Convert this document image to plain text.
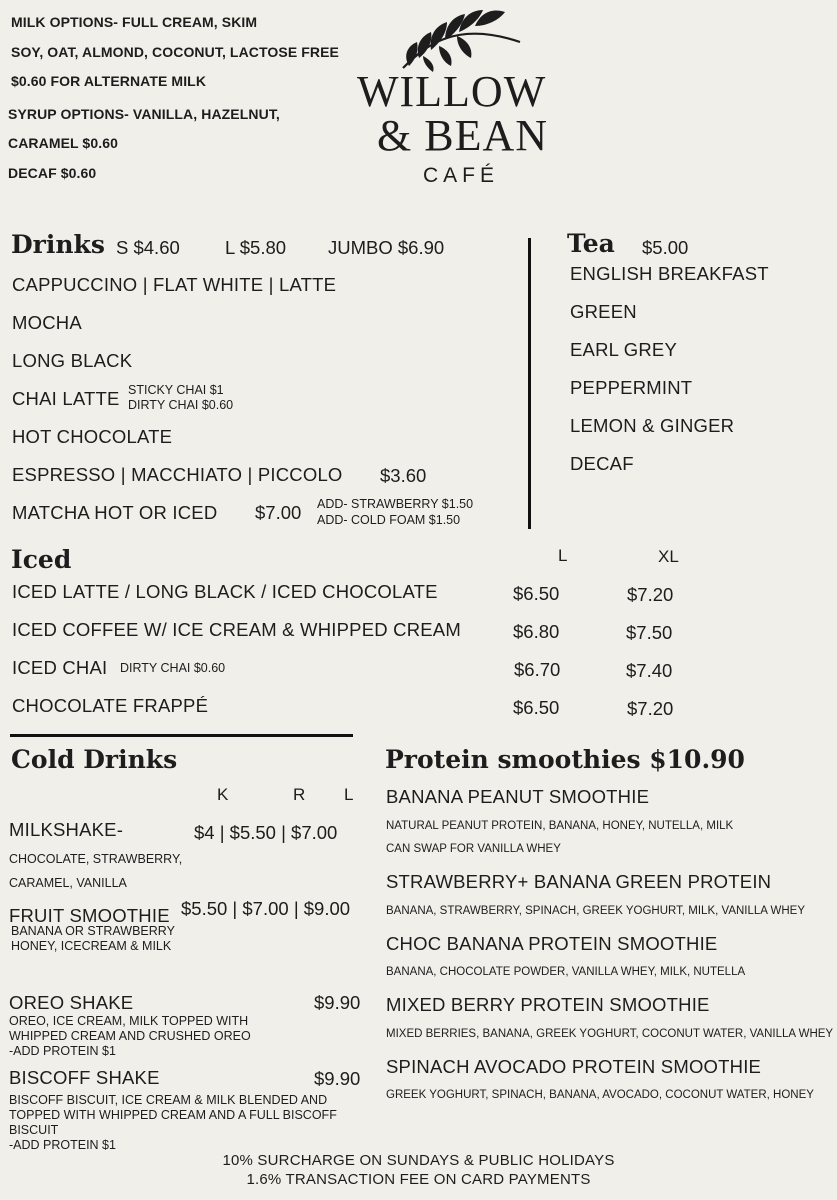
MILK OPTIONS- FULL CREAM, SKIM
SOY, OAT, ALMOND, COCONUT, LACTOSE FREE
$0.60 FOR ALTERNATE MILK
SYRUP OPTIONS- VANILLA, HAZELNUT,
CARAMEL $0.60
DECAF $0.60
WILLOW
& BEAN
CAFÉ
Drinks S $4.60 L $5.80 JUMBO $6.90
CAPPUCCINO | FLAT WHITE | LATTE
MOCHA
LONG BLACK
CHAI LATTE STICKY CHAI $1
DIRTY CHAI $0.60
HOT CHOCOLATE
ESPRESSO | MACCHIATO | PICCOLO $3.60
MATCHA HOT OR ICED $7.00 ADD- STRAWBERRY $1.50
ADD- COLD FOAM $1.50
Tea $5.00
ENGLISH BREAKFAST
GREEN
EARL GREY
PEPPERMINT
LEMON & GINGER
DECAF
Iced	L	XL
ICED LATTE / LONG BLACK / ICED CHOCOLATE	$6.50	$7.20
ICED COFFEE W/ ICE CREAM & WHIPPED CREAM	$6.80	$7.50
ICED CHAI DIRTY CHAI $0.60	$6.70	$7.40
CHOCOLATE FRAPPÉ	$6.50	$7.20
Cold Drinks
K	R L
MILKSHAKE-	$4 | $5.50 | $7.00
CHOCOLATE, STRAWBERRY,
CARAMEL, VANILLA
FRUIT SMOOTHIE $5.50 | $7.00 | $9.00
BANANA OR STRAWBERRY
HONEY, ICECREAM & MILK
OREO SHAKE	$9.90
OREO, ICE CREAM, MILK TOPPED WITH
WHIPPED CREAM AND CRUSHED OREO
-ADD PROTEIN $1
BISCOFF SHAKE	$9.90
BISCOFF BISCUIT, ICE CREAM & MILK BLENDED AND
TOPPED WITH WHIPPED CREAM AND A FULL BISCOFF
BISCUIT
-ADD PROTEIN $1
Protein smoothies $10.90
BANANA PEANUT SMOOTHIE
NATURAL PEANUT PROTEIN, BANANA, HONEY, NUTELLA, MILK
CAN SWAP FOR VANILLA WHEY
STRAWBERRY+ BANANA GREEN PROTEIN
BANANA, STRAWBERRY, SPINACH, GREEK YOGHURT, MILK, VANILLA WHEY
CHOC BANANA PROTEIN SMOOTHIE
BANANA, CHOCOLATE POWDER, VANILLA WHEY, MILK, NUTELLA
MIXED BERRY PROTEIN SMOOTHIE
MIXED BERRIES, BANANA, GREEK YOGHURT, COCONUT WATER, VANILLA WHEY
SPINACH AVOCADO PROTEIN SMOOTHIE
GREEK YOGHURT, SPINACH, BANANA, AVOCADO, COCONUT WATER, HONEY
10% SURCHARGE ON SUNDAYS & PUBLIC HOLIDAYS
1.6% TRANSACTION FEE ON CARD PAYMENTS
